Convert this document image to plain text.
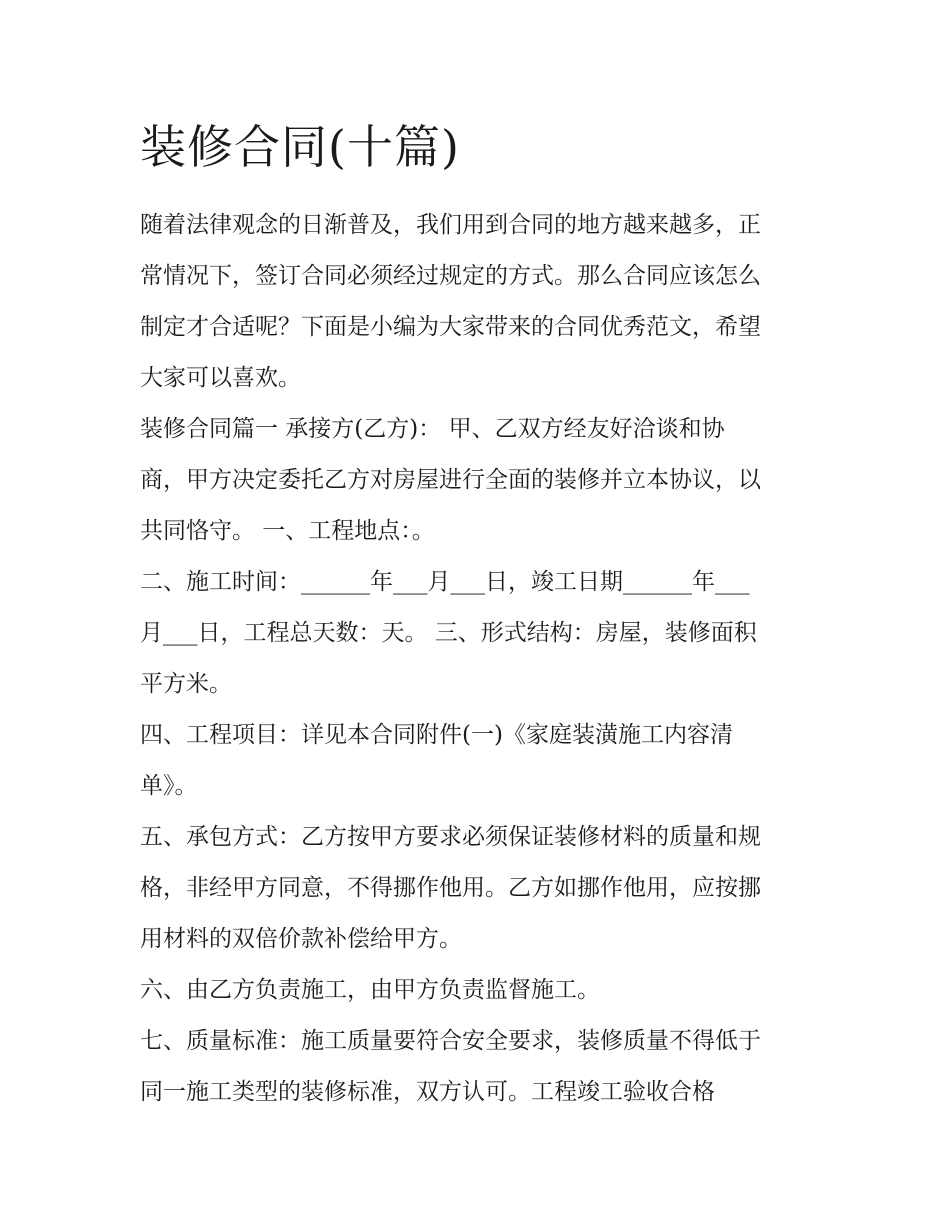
装修合同(十篇)

随着法律观念的日渐普及，我们用到合同的地方越来越多，正
常情况下，签订合同必须经过规定的方式。那么合同应该怎么
制定才合适呢？下面是小编为大家带来的合同优秀范文，希望
大家可以喜欢。

装修合同篇一 承接方(乙方)： 甲、乙双方经友好洽谈和协
商，甲方决定委托乙方对房屋进行全面的装修并立本协议，以
共同恪守。 一、工程地点：。

二、施工时间：______年___月___日，竣工日期______年___
月___日，工程总天数：天。 三、形式结构：房屋，装修面积
平方米。

四、工程项目：详见本合同附件(一)《家庭装潢施工内容清
单》。

五、承包方式：乙方按甲方要求必须保证装修材料的质量和规
格，非经甲方同意，不得挪作他用。乙方如挪作他用，应按挪
用材料的双倍价款补偿给甲方。

六、由乙方负责施工，由甲方负责监督施工。

七、质量标准：施工质量要符合安全要求，装修质量不得低于
同一施工类型的装修标准，双方认可。工程竣工验收合格
